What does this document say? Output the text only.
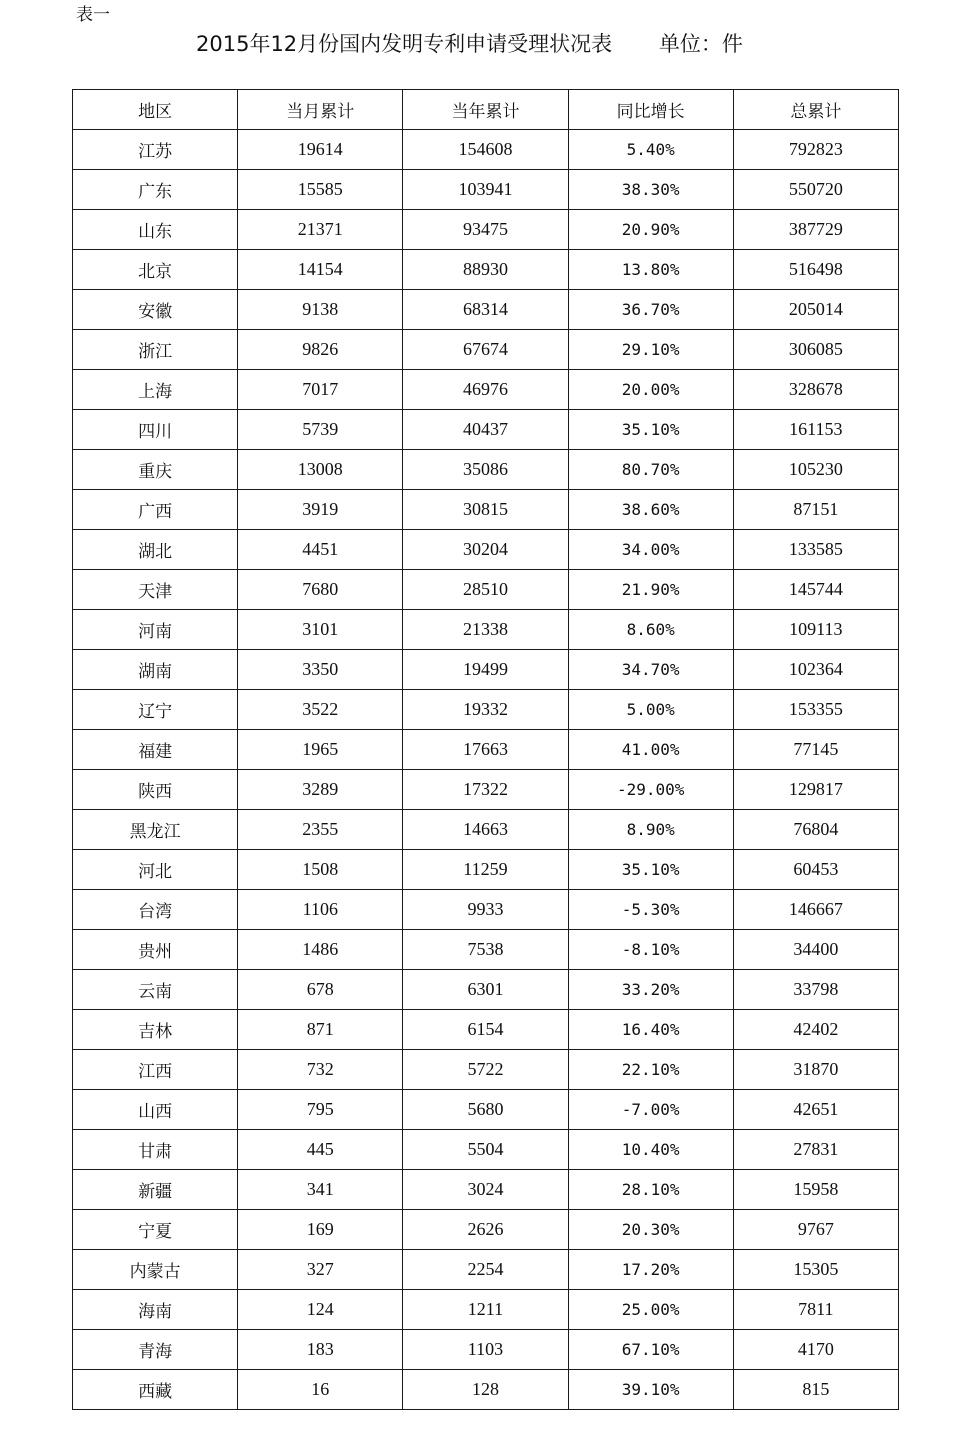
表一
2015年12月份国内发明专利申请受理状况表 单位：件
地区	当月累计	当年累计	同比增长	总累计
江苏	19614	154608	5.40%	792823
广东	15585	103941	38.30%	550720
山东	21371	93475	20.90%	387729
北京	14154	88930	13.80%	516498
安徽	9138	68314	36.70%	205014
浙江	9826	67674	29.10%	306085
上海	7017	46976	20.00%	328678
四川	5739	40437	35.10%	161153
重庆	13008	35086	80.70%	105230
广西	3919	30815	38.60%	87151
湖北	4451	30204	34.00%	133585
天津	7680	28510	21.90%	145744
河南	3101	21338	8.60%	109113
湖南	3350	19499	34.70%	102364
辽宁	3522	19332	5.00%	153355
福建	1965	17663	41.00%	77145
陕西	3289	17322	-29.00%	129817
黑龙江	2355	14663	8.90%	76804
河北	1508	11259	35.10%	60453
台湾	1106	9933	-5.30%	146667
贵州	1486	7538	-8.10%	34400
云南	678	6301	33.20%	33798
吉林	871	6154	16.40%	42402
江西	732	5722	22.10%	31870
山西	795	5680	-7.00%	42651
甘肃	445	5504	10.40%	27831
新疆	341	3024	28.10%	15958
宁夏	169	2626	20.30%	9767
内蒙古	327	2254	17.20%	15305
海南	124	1211	25.00%	7811
青海	183	1103	67.10%	4170
西藏	16	128	39.10%	815
